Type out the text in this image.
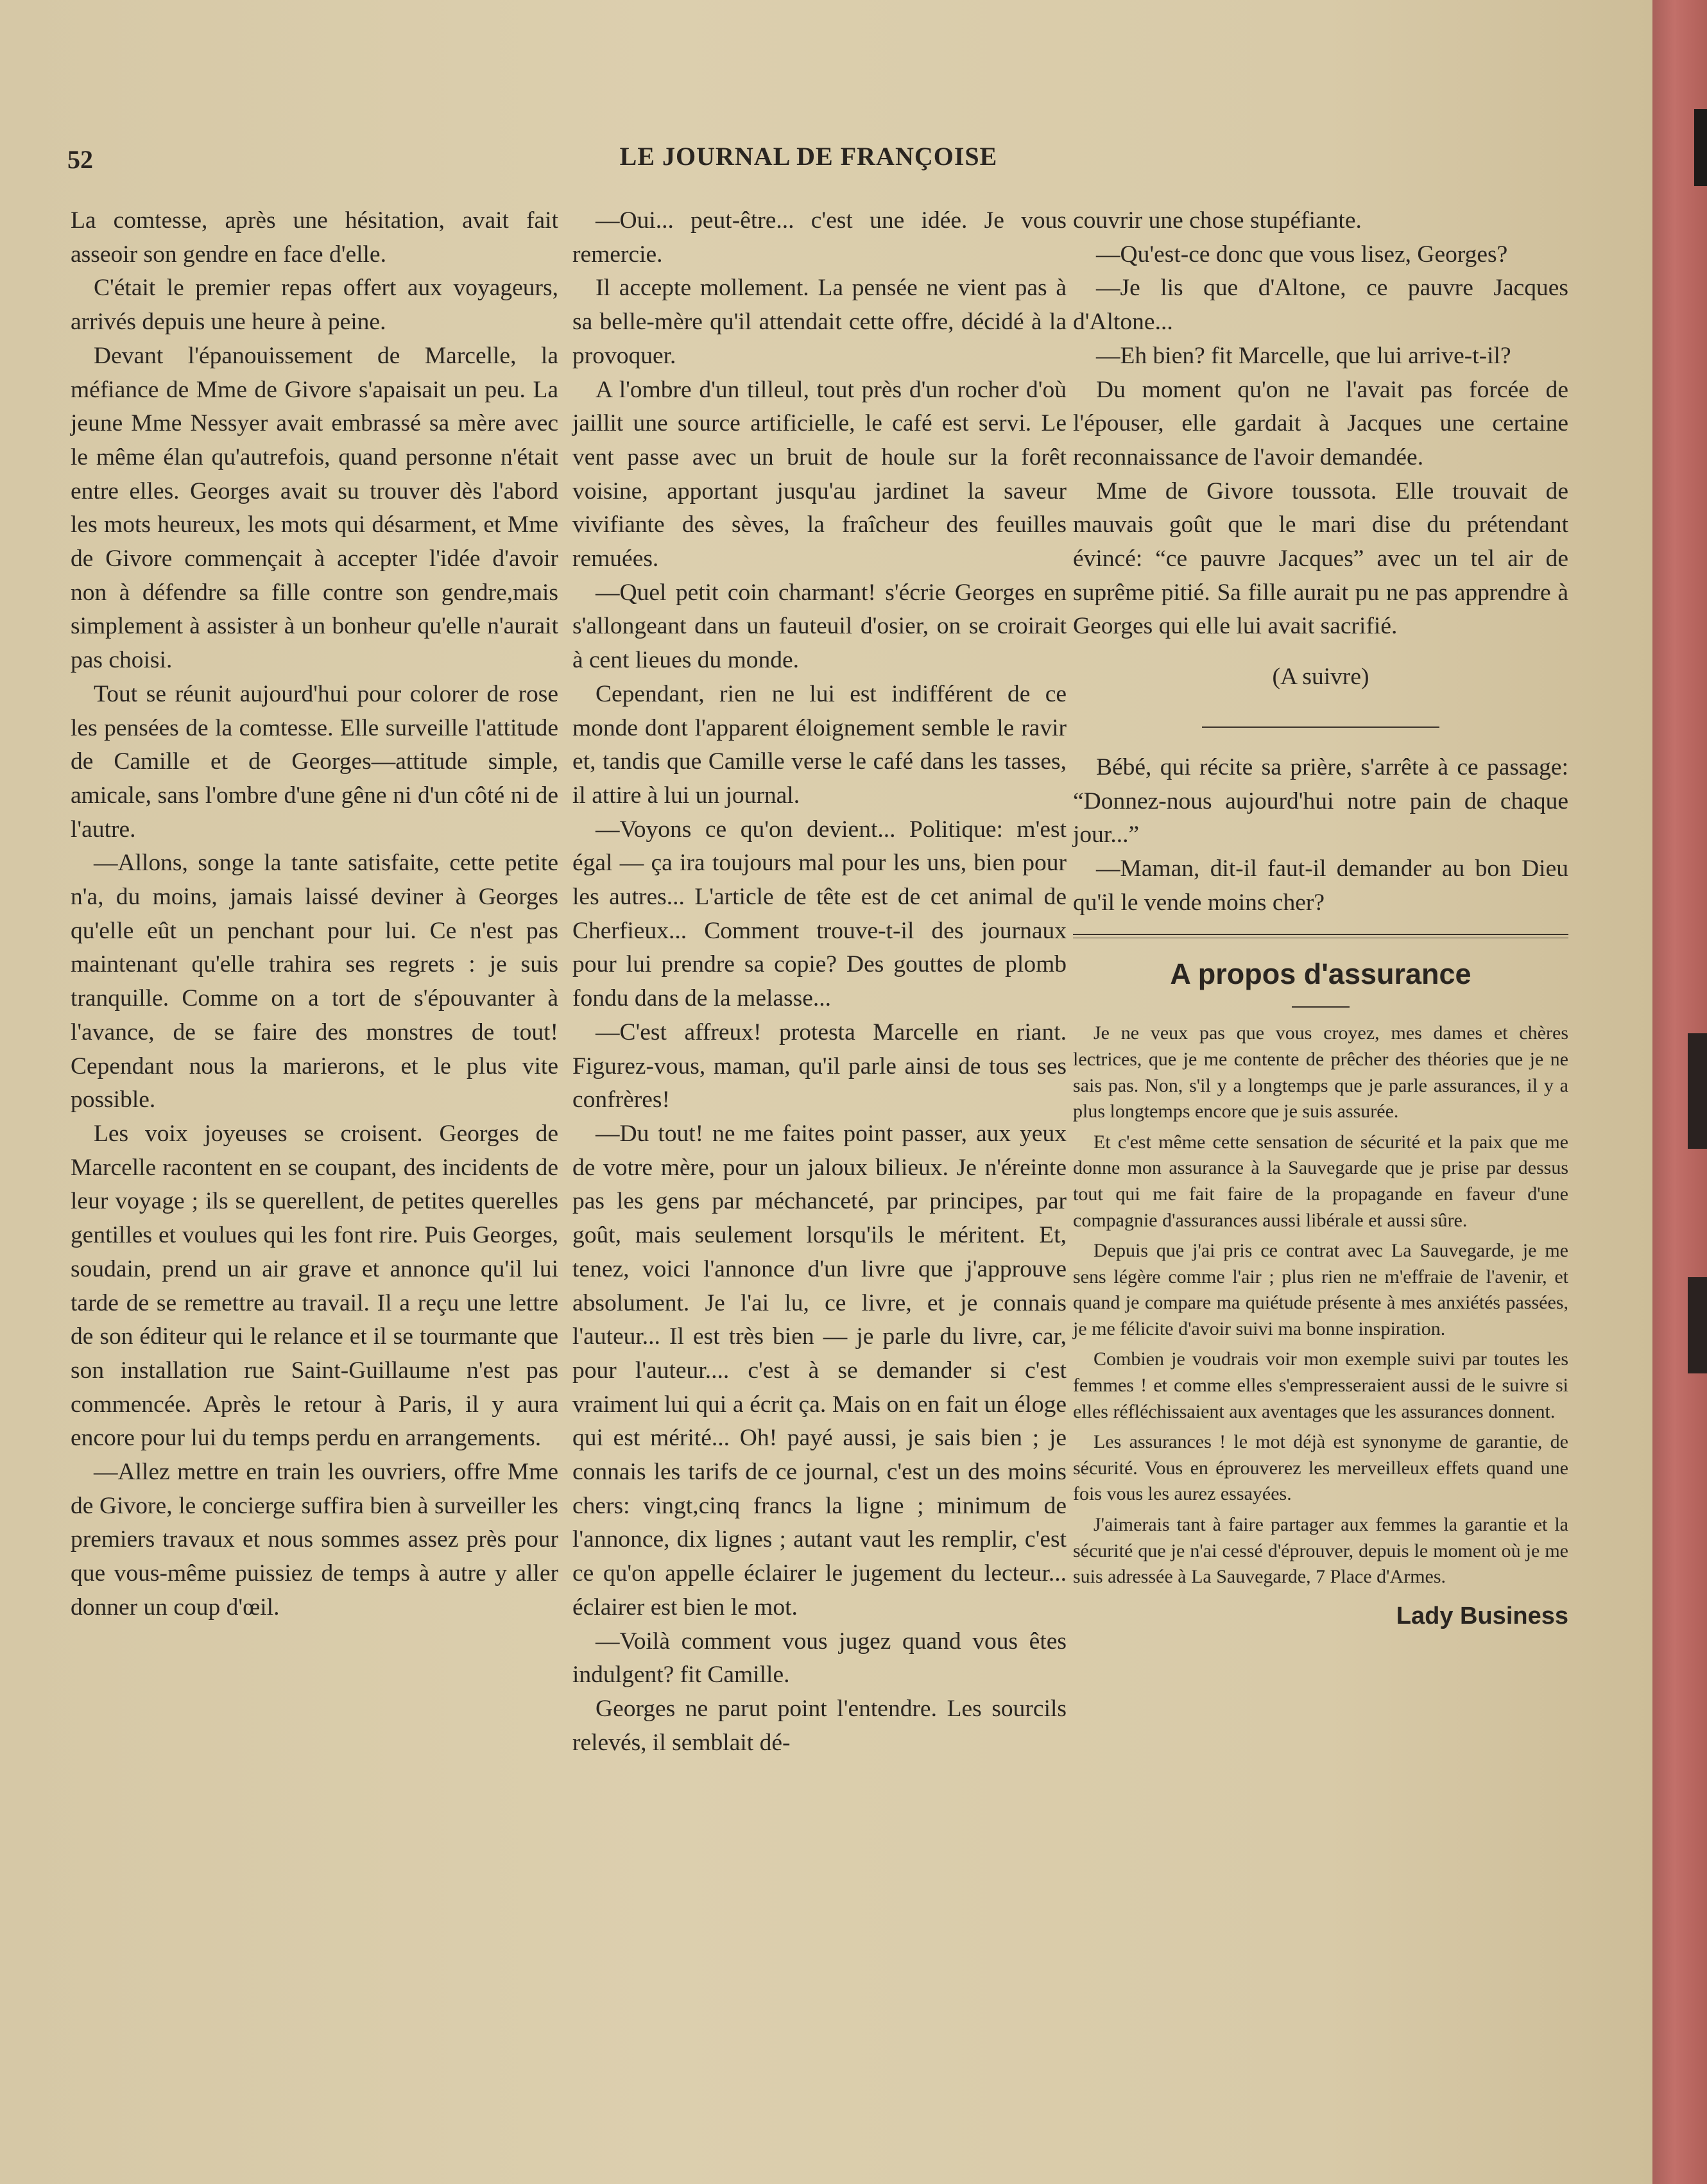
52	LE JOURNAL DE FRANÇOISE

La comtesse, après une hésitation, avait fait asseoir son gendre en face d'elle.

C'était le premier repas offert aux voyageurs, arrivés depuis une heure à peine.

Devant l'épanouissement de Marcelle, la méfiance de Mme de Givore s'apaisait un peu. La jeune Mme Nessyer avait embrassé sa mère avec le même élan qu'autrefois, quand personne n'était entre elles. Georges avait su trouver dès l'abord les mots heureux, les mots qui désarment, et Mme de Givore commençait à accepter l'idée d'avoir non à défendre sa fille contre son gendre,mais simplement à assister à un bonheur qu'elle n'aurait pas choisi.

Tout se réunit aujourd'hui pour colorer de rose les pensées de la comtesse. Elle surveille l'attitude de Camille et de Georges—attitude simple, amicale, sans l'ombre d'une gêne ni d'un côté ni de l'autre.

—Allons, songe la tante satisfaite, cette petite n'a, du moins, jamais laissé deviner à Georges qu'elle eût un penchant pour lui. Ce n'est pas maintenant qu'elle trahira ses regrets : je suis tranquille. Comme on a tort de s'épouvanter à l'avance, de se faire des monstres de tout! Cependant nous la marierons, et le plus vite possible.

Les voix joyeuses se croisent. Georges de Marcelle racontent en se coupant, des incidents de leur voyage ; ils se querellent, de petites querelles gentilles et voulues qui les font rire. Puis Georges, soudain, prend un air grave et annonce qu'il lui tarde de se remettre au travail. Il a reçu une lettre de son éditeur qui le relance et il se tourmante que son installation rue Saint-Guillaume n'est pas commencée. Après le retour à Paris, il y aura encore pour lui du temps perdu en arrangements.

—Allez mettre en train les ouvriers, offre Mme de Givore, le concierge suffira bien à surveiller les premiers travaux et nous sommes assez près pour que vous-même puissiez de temps à autre y aller donner un coup d'œil.

—Oui... peut-être... c'est une idée. Je vous remercie.

Il accepte mollement. La pensée ne vient pas à sa belle-mère qu'il attendait cette offre, décidé à la provoquer.

A l'ombre d'un tilleul, tout près d'un rocher d'où jaillit une source artificielle, le café est servi. Le vent passe avec un bruit de houle sur la forêt voisine, apportant jusqu'au jardinet la saveur vivifiante des sèves, la fraîcheur des feuilles remuées.

—Quel petit coin charmant! s'écrie Georges en s'allongeant dans un fauteuil d'osier, on se croirait à cent lieues du monde.

Cependant, rien ne lui est indifférent de ce monde dont l'apparent éloignement semble le ravir et, tandis que Camille verse le café dans les tasses, il attire à lui un journal.

—Voyons ce qu'on devient... Politique: m'est égal — ça ira toujours mal pour les uns, bien pour les autres... L'article de tête est de cet animal de Cherfieux... Comment trouve-t-il des journaux pour lui prendre sa copie? Des gouttes de plomb fondu dans de la melasse...

—C'est affreux! protesta Marcelle en riant. Figurez-vous, maman, qu'il parle ainsi de tous ses confrères!

—Du tout! ne me faites point passer, aux yeux de votre mère, pour un jaloux bilieux. Je n'éreinte pas les gens par méchanceté, par principes, par goût, mais seulement lorsqu'ils le méritent. Et, tenez, voici l'annonce d'un livre que j'approuve absolument. Je l'ai lu, ce livre, et je connais l'auteur... Il est très bien — je parle du livre, car, pour l'auteur.... c'est à se demander si c'est vraiment lui qui a écrit ça. Mais on en fait un éloge qui est mérité... Oh! payé aussi, je sais bien ; je connais les tarifs de ce journal, c'est un des moins chers: vingt,cinq francs la ligne ; minimum de l'annonce, dix lignes ; autant vaut les remplir, c'est ce qu'on appelle éclairer le jugement du lecteur... éclairer est bien le mot.

—Voilà comment vous jugez quand vous êtes indulgent? fit Camille.

Georges ne parut point l'entendre. Les sourcils relevés, il semblait dé-

couvrir une chose stupéfiante.

—Qu'est-ce donc que vous lisez, Georges?

—Je lis que d'Altone, ce pauvre Jacques d'Altone...

—Eh bien? fit Marcelle, que lui arrive-t-il?

Du moment qu'on ne l'avait pas forcée de l'épouser, elle gardait à Jacques une certaine reconnaissance de l'avoir demandée.

Mme de Givore toussota. Elle trouvait de mauvais goût que le mari dise du prétendant évincé: “ce pauvre Jacques” avec un tel air de suprême pitié. Sa fille aurait pu ne pas apprendre à Georges qui elle lui avait sacrifié.

(A suivre)

Bébé, qui récite sa prière, s'arrête à ce passage: “Donnez-nous aujourd'hui notre pain de chaque jour...”

—Maman, dit-il faut-il demander au bon Dieu qu'il le vende moins cher?

A propos d'assurance

Je ne veux pas que vous croyez, mes dames et chères lectrices, que je me contente de prêcher des théories que je ne sais pas. Non, s'il y a longtemps que je parle assurances, il y a plus longtemps encore que je suis assurée.

Et c'est même cette sensation de sécurité et la paix que me donne mon assurance à la Sauvegarde que je prise par dessus tout qui me fait faire de la propagande en faveur d'une compagnie d'assurances aussi libérale et aussi sûre.

Depuis que j'ai pris ce contrat avec La Sauvegarde, je me sens légère comme l'air ; plus rien ne m'effraie de l'avenir, et quand je compare ma quiétude présente à mes anxiétés passées, je me félicite d'avoir suivi ma bonne inspiration.

Combien je voudrais voir mon exemple suivi par toutes les femmes ! et comme elles s'empresseraient aussi de le suivre si elles réfléchissaient aux aventages que les assurances donnent.

Les assurances ! le mot déjà est synonyme de garantie, de sécurité. Vous en éprouverez les merveilleux effets quand une fois vous les aurez essayées.

J'aimerais tant à faire partager aux femmes la garantie et la sécurité que je n'ai cessé d'éprouver, depuis le moment où je me suis adressée à La Sauvegarde, 7 Place d'Armes.

Lady Business
